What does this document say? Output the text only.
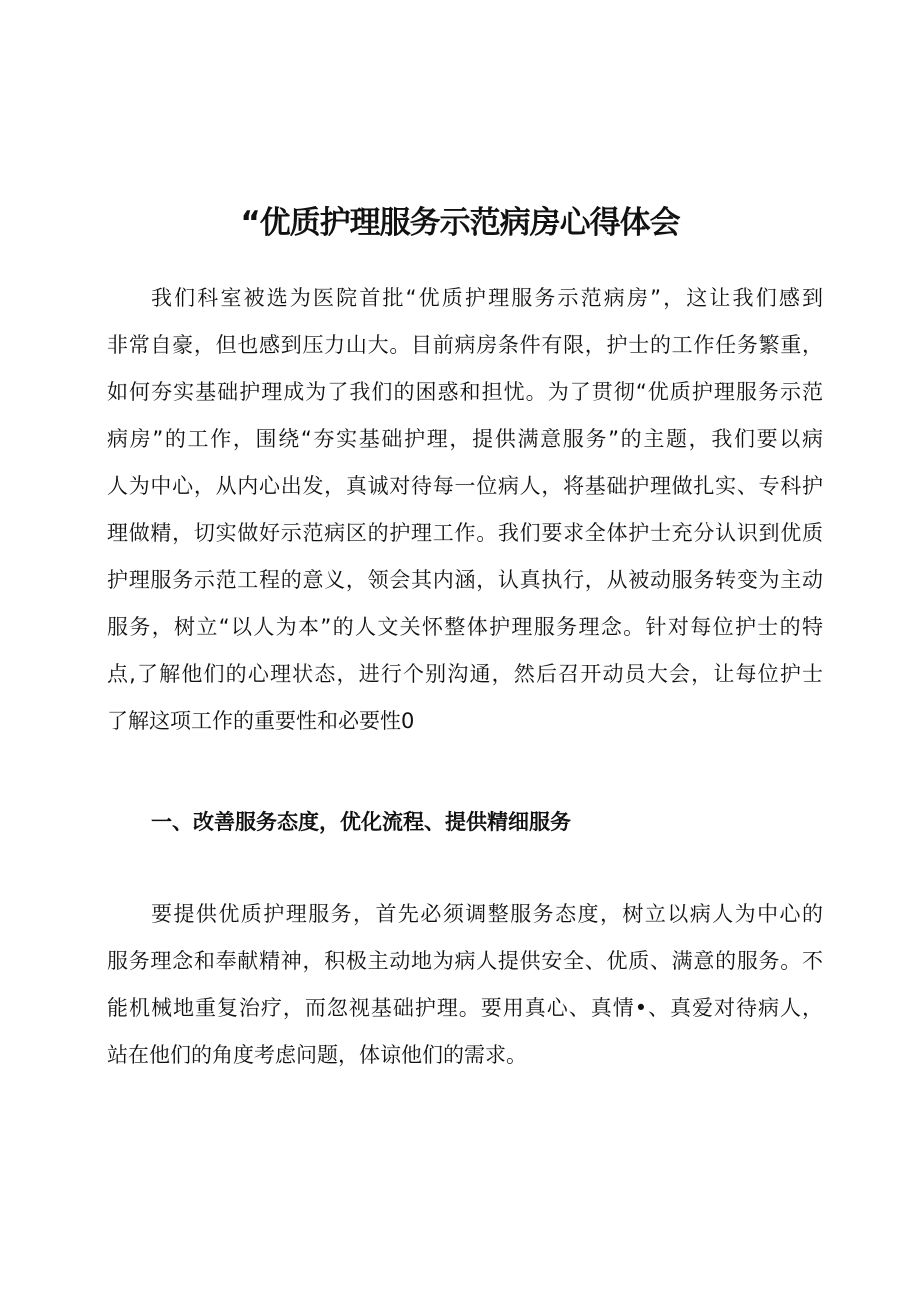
“优质护理服务示范病房心得体会
我们科室被选为医院首批“优质护理服务示范病房”，这让我们感到
非常自豪，但也感到压力山大。目前病房条件有限，护士的工作任务繁重，
如何夯实基础护理成为了我们的困惑和担忧。为了贯彻“优质护理服务示范
病房”的工作，围绕“夯实基础护理，提供满意服务”的主题，我们要以病
人为中心，从内心出发，真诚对待每一位病人，将基础护理做扎实、专科护
理做精，切实做好示范病区的护理工作。我们要求全体护士充分认识到优质
护理服务示范工程的意义，领会其内涵，认真执行，从被动服务转变为主动
服务，树立“以人为本”的人文关怀整体护理服务理念。针对每位护士的特
点,了解他们的心理状态，进行个别沟通，然后召开动员大会，让每位护士
了解这项工作的重要性和必要性0
一、改善服务态度，优化流程、提供精细服务
要提供优质护理服务，首先必须调整服务态度，树立以病人为中心的
服务理念和奉献精神，积极主动地为病人提供安全、优质、满意的服务。不
能机械地重复治疗，而忽视基础护理。要用真心、真情•、真爱对待病人，
站在他们的角度考虑问题，体谅他们的需求。
